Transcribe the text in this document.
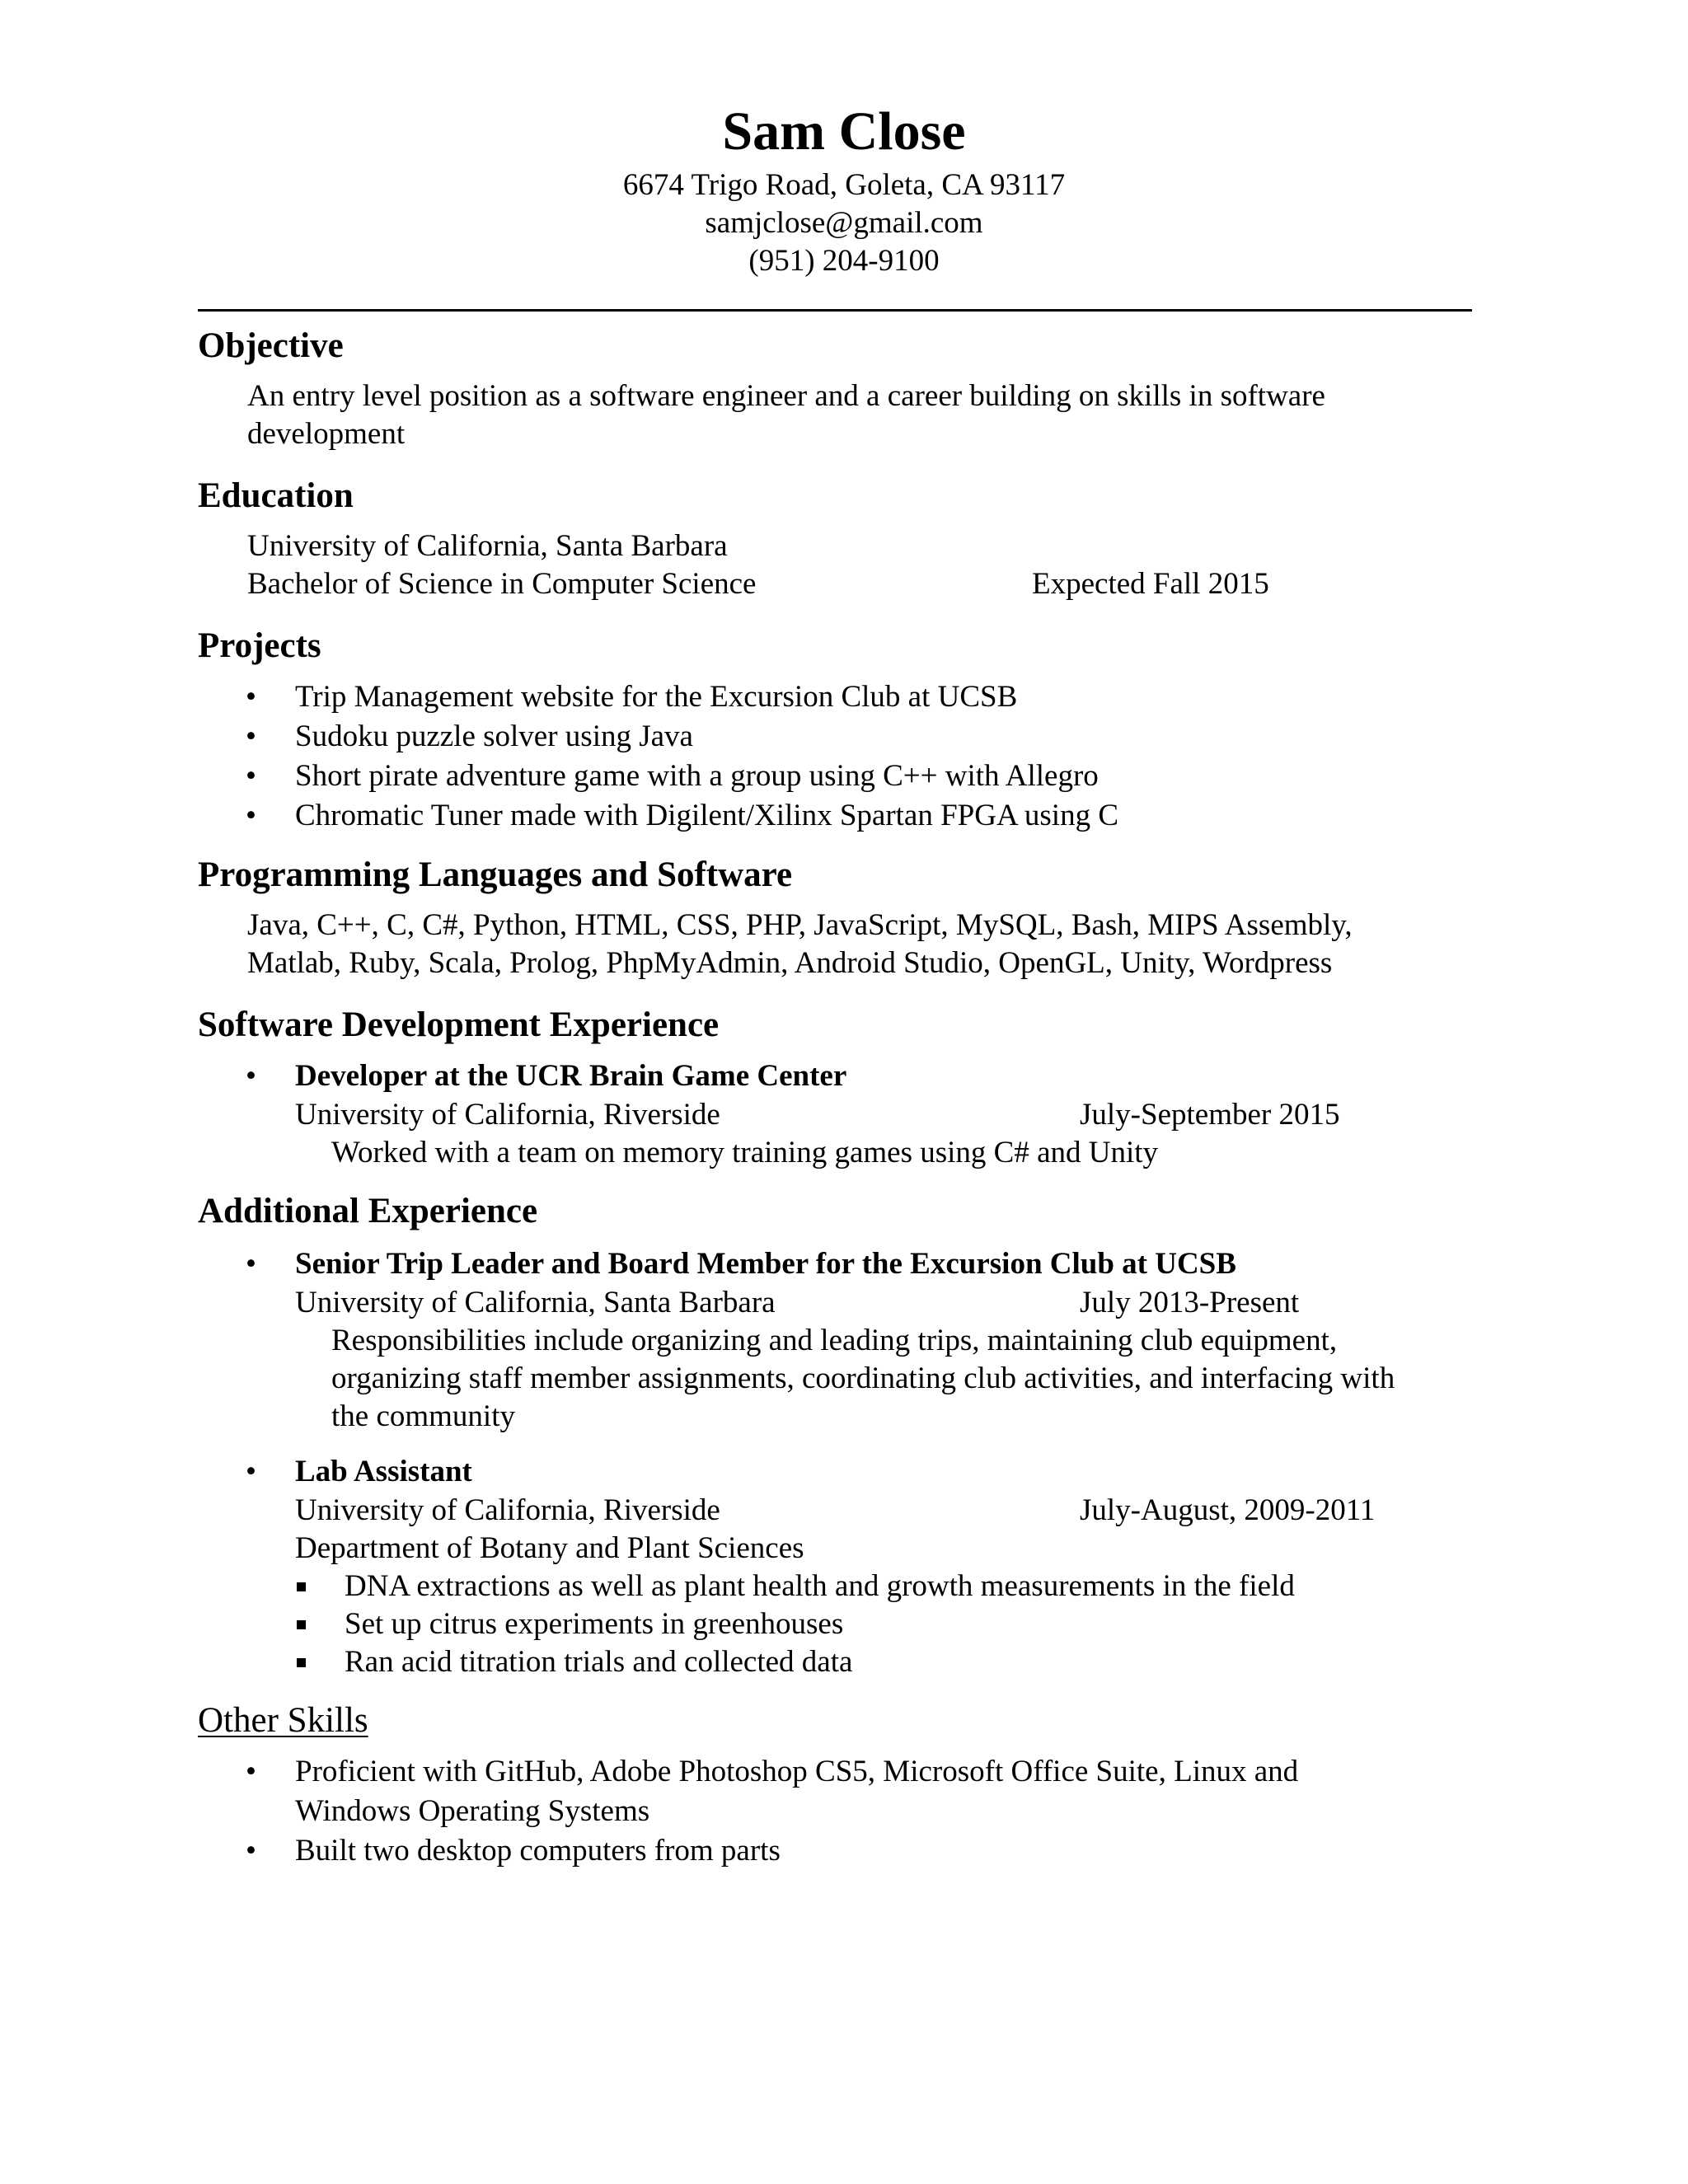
Sam Close
6674 Trigo Road, Goleta, CA 93117
samjclose@gmail.com
(951) 204-9100
Objective
An entry level position as a software engineer and a career building on skills in software development
Education
University of California, Santa Barbara
Bachelor of Science in Computer Science	Expected Fall 2015
Projects
• Trip Management website for the Excursion Club at UCSB
• Sudoku puzzle solver using Java
• Short pirate adventure game with a group using C++ with Allegro
• Chromatic Tuner made with Digilent/Xilinx Spartan FPGA using C
Programming Languages and Software
Java, C++, C, C#, Python, HTML, CSS, PHP, JavaScript, MySQL, Bash, MIPS Assembly, Matlab, Ruby, Scala, Prolog, PhpMyAdmin, Android Studio, OpenGL, Unity, Wordpress
Software Development Experience
• Developer at the UCR Brain Game Center
University of California, Riverside	July-September 2015
Worked with a team on memory training games using C# and Unity
Additional Experience
• Senior Trip Leader and Board Member for the Excursion Club at UCSB
University of California, Santa Barbara	July 2013-Present
Responsibilities include organizing and leading trips, maintaining club equipment, organizing staff member assignments, coordinating club activities, and interfacing with the community
• Lab Assistant
University of California, Riverside	July-August, 2009-2011
Department of Botany and Plant Sciences
DNA extractions as well as plant health and growth measurements in the field
Set up citrus experiments in greenhouses
Ran acid titration trials and collected data
Other Skills
• Proficient with GitHub, Adobe Photoshop CS5, Microsoft Office Suite, Linux and Windows Operating Systems
• Built two desktop computers from parts
